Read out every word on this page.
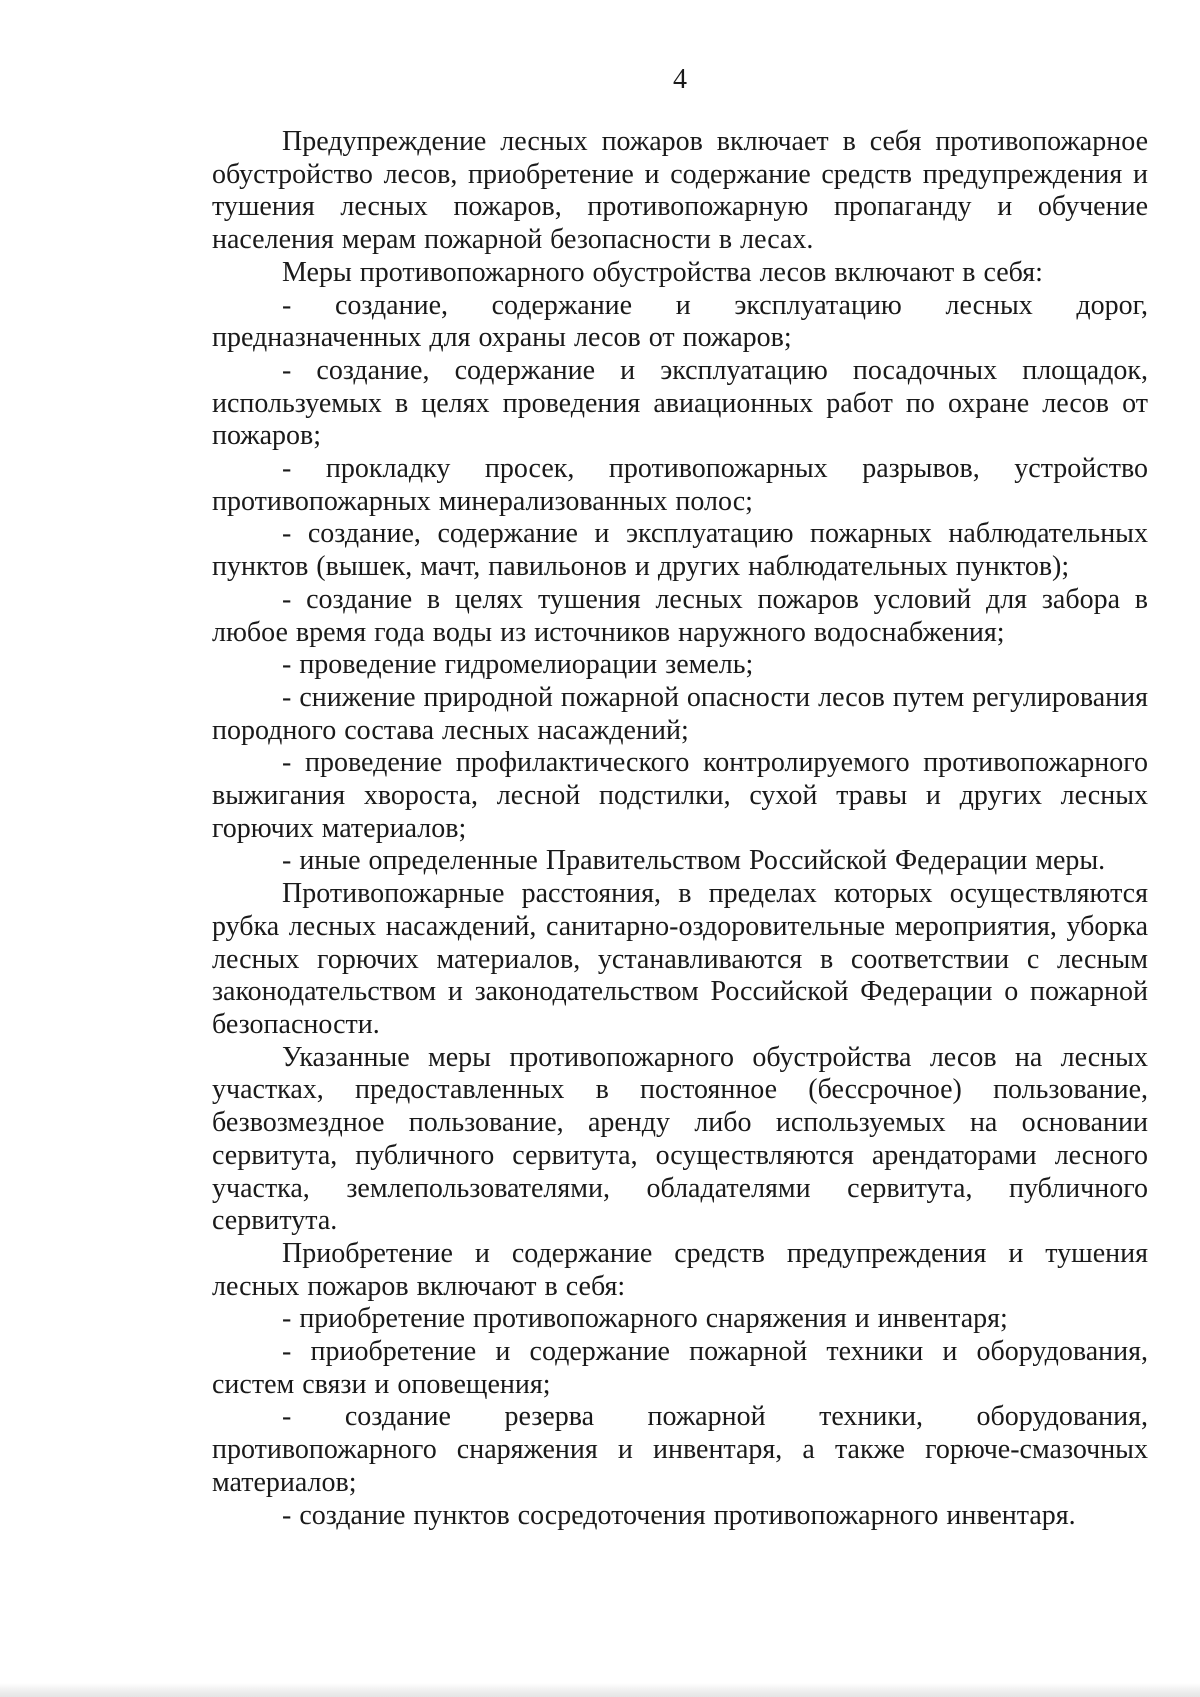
4

Предупреждение лесных пожаров включает в себя противопожарное обустройство лесов, приобретение и содержание средств предупреждения и тушения лесных пожаров, противопожарную пропаганду и обучение населения мерам пожарной безопасности в лесах.

Меры противопожарного обустройства лесов включают в себя:

- создание, содержание и эксплуатацию лесных дорог, предназначенных для охраны лесов от пожаров;

- создание, содержание и эксплуатацию посадочных площадок, используемых в целях проведения авиационных работ по охране лесов от пожаров;

- прокладку просек, противопожарных разрывов, устройство противопожарных минерализованных полос;

- создание, содержание и эксплуатацию пожарных наблюдательных пунктов (вышек, мачт, павильонов и других наблюдательных пунктов);

- создание в целях тушения лесных пожаров условий для забора в любое время года воды из источников наружного водоснабжения;

- проведение гидромелиорации земель;

- снижение природной пожарной опасности лесов путем регулирования породного состава лесных насаждений;

- проведение профилактического контролируемого противопожарного выжигания хвороста, лесной подстилки, сухой травы и других лесных горючих материалов;

- иные определенные Правительством Российской Федерации меры.

Противопожарные расстояния, в пределах которых осуществляются рубка лесных насаждений, санитарно-оздоровительные мероприятия, уборка лесных горючих материалов, устанавливаются в соответствии с лесным законодательством и законодательством Российской Федерации о пожарной безопасности.

Указанные меры противопожарного обустройства лесов на лесных участках, предоставленных в постоянное (бессрочное) пользование, безвозмездное пользование, аренду либо используемых на основании сервитута, публичного сервитута, осуществляются арендаторами лесного участка, землепользователями, обладателями сервитута, публичного сервитута.

Приобретение и содержание средств предупреждения и тушения лесных пожаров включают в себя:

- приобретение противопожарного снаряжения и инвентаря;

- приобретение и содержание пожарной техники и оборудования, систем связи и оповещения;

- создание резерва пожарной техники, оборудования, противопожарного снаряжения и инвентаря, а также горюче-смазочных материалов;

- создание пунктов сосредоточения противопожарного инвентаря.
